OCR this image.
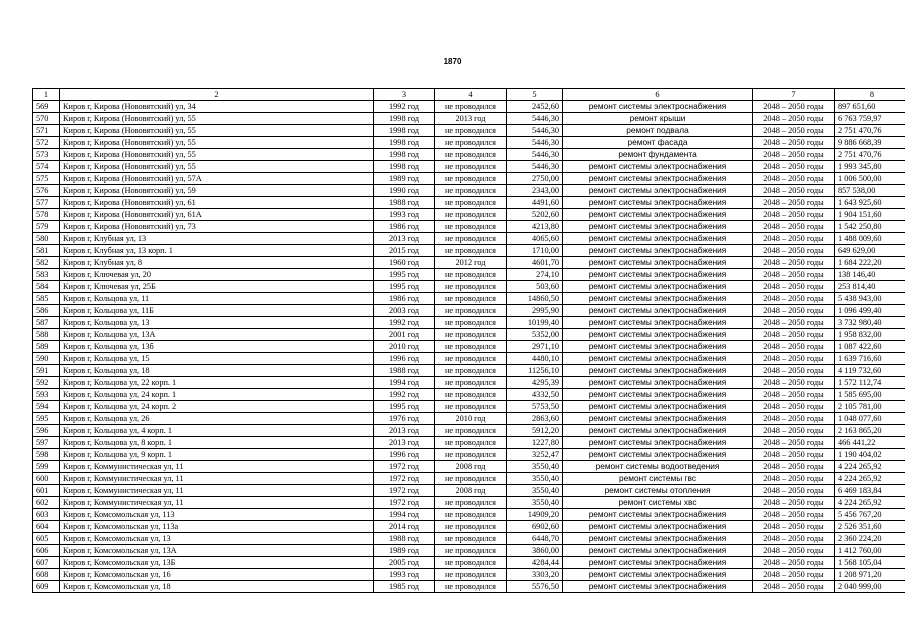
1870
1	2	3	4	5	6	7	8
569	Киров г, Кирова (Нововятский) ул, 34	1992 год	не проводился	2452,60	ремонт системы электроснабжения	2048 – 2050 годы	897 651,60
570	Киров г, Кирова (Нововятский) ул, 55	1998 год	2013 год	5446,30	ремонт крыши	2048 – 2050 годы	6 763 759,97
571	Киров г, Кирова (Нововятский) ул, 55	1998 год	не проводился	5446,30	ремонт подвала	2048 – 2050 годы	2 751 470,76
572	Киров г, Кирова (Нововятский) ул, 55	1998 год	не проводился	5446,30	ремонт фасада	2048 – 2050 годы	9 886 668,39
573	Киров г, Кирова (Нововятский) ул, 55	1998 год	не проводился	5446,30	ремонт фундамента	2048 – 2050 годы	2 751 470,76
574	Киров г, Кирова (Нововятский) ул, 55	1998 год	не проводился	5446,30	ремонт системы электроснабжения	2048 – 2050 годы	1 993 345,80
575	Киров г, Кирова (Нововятский) ул, 57А	1989 год	не проводился	2750,00	ремонт системы электроснабжения	2048 – 2050 годы	1 006 500,00
576	Киров г, Кирова (Нововятский) ул, 59	1990 год	не проводился	2343,00	ремонт системы электроснабжения	2048 – 2050 годы	857 538,00
577	Киров г, Кирова (Нововятский) ул, 61	1988 год	не проводился	4491,60	ремонт системы электроснабжения	2048 – 2050 годы	1 643 925,60
578	Киров г, Кирова (Нововятский) ул, 61А	1993 год	не проводился	5202,60	ремонт системы электроснабжения	2048 – 2050 годы	1 904 151,60
579	Киров г, Кирова (Нововятский) ул, 73	1986 год	не проводился	4213,80	ремонт системы электроснабжения	2048 – 2050 годы	1 542 250,80
580	Киров г, Клубная ул, 13	2013 год	не проводился	4065,60	ремонт системы электроснабжения	2048 – 2050 годы	1 488 009,60
581	Киров г, Клубная ул, 13 корп. 1	2015 год	не проводился	1710,00	ремонт системы электроснабжения	2048 – 2050 годы	649 629,00
582	Киров г, Клубная ул, 8	1960 год	2012 год	4601,70	ремонт системы электроснабжения	2048 – 2050 годы	1 684 222,20
583	Киров г, Ключевая ул, 20	1995 год	не проводился	274,10	ремонт системы электроснабжения	2048 – 2050 годы	138 146,40
584	Киров г, Ключевая ул, 25Б	1995 год	не проводился	503,60	ремонт системы электроснабжения	2048 – 2050 годы	253 814,40
585	Киров г, Кольцова ул, 11	1986 год	не проводился	14860,50	ремонт системы электроснабжения	2048 – 2050 годы	5 438 943,00
586	Киров г, Кольцова ул, 11Б	2003 год	не проводился	2995,90	ремонт системы электроснабжения	2048 – 2050 годы	1 096 499,40
587	Киров г, Кольцова ул, 13	1992 год	не проводился	10199,40	ремонт системы электроснабжения	2048 – 2050 годы	3 732 980,40
588	Киров г, Кольцова ул, 13А	2001 год	не проводился	5352,00	ремонт системы электроснабжения	2048 – 2050 годы	1 958 832,00
589	Киров г, Кольцова ул, 13б	2010 год	не проводился	2971,10	ремонт системы электроснабжения	2048 – 2050 годы	1 087 422,60
590	Киров г, Кольцова ул, 15	1996 год	не проводился	4480,10	ремонт системы электроснабжения	2048 – 2050 годы	1 639 716,60
591	Киров г, Кольцова ул, 18	1988 год	не проводился	11256,10	ремонт системы электроснабжения	2048 – 2050 годы	4 119 732,60
592	Киров г, Кольцова ул, 22 корп. 1	1994 год	не проводился	4295,39	ремонт системы электроснабжения	2048 – 2050 годы	1 572 112,74
593	Киров г, Кольцова ул, 24 корп. 1	1992 год	не проводился	4332,50	ремонт системы электроснабжения	2048 – 2050 годы	1 585 695,00
594	Киров г, Кольцова ул, 24 корп. 2	1995 год	не проводился	5753,50	ремонт системы электроснабжения	2048 – 2050 годы	2 105 781,00
595	Киров г, Кольцова ул, 26	1976 год	2010 год	2863,60	ремонт системы электроснабжения	2048 – 2050 годы	1 048 077,60
596	Киров г, Кольцова ул, 4 корп. 1	2013 год	не проводился	5912,20	ремонт системы электроснабжения	2048 – 2050 годы	2 163 865,20
597	Киров г, Кольцова ул, 8 корп. 1	2013 год	не проводился	1227,80	ремонт системы электроснабжения	2048 – 2050 годы	466 441,22
598	Киров г, Кольцова ул, 9 корп. 1	1996 год	не проводился	3252,47	ремонт системы электроснабжения	2048 – 2050 годы	1 190 404,02
599	Киров г, Коммунистическая ул, 11	1972 год	2008 год	3550,40	ремонт системы водоотведения	2048 – 2050 годы	4 224 265,92
600	Киров г, Коммунистическая ул, 11	1972 год	не проводился	3550,40	ремонт системы гвс	2048 – 2050 годы	4 224 265,92
601	Киров г, Коммунистическая ул, 11	1972 год	2008 год	3550,40	ремонт системы отопления	2048 – 2050 годы	6 469 183,84
602	Киров г, Коммунистическая ул, 11	1972 год	не проводился	3550,40	ремонт системы хвс	2048 – 2050 годы	4 224 265,92
603	Киров г, Комсомольская ул, 113	1994 год	не проводился	14909,20	ремонт системы электроснабжения	2048 – 2050 годы	5 456 767,20
604	Киров г, Комсомольская ул, 113а	2014 год	не проводился	6902,60	ремонт системы электроснабжения	2048 – 2050 годы	2 526 351,60
605	Киров г, Комсомольская ул, 13	1988 год	не проводился	6448,70	ремонт системы электроснабжения	2048 – 2050 годы	2 360 224,20
606	Киров г, Комсомольская ул, 13А	1989 год	не проводился	3860,00	ремонт системы электроснабжения	2048 – 2050 годы	1 412 760,00
607	Киров г, Комсомольская ул, 13Б	2005 год	не проводился	4284,44	ремонт системы электроснабжения	2048 – 2050 годы	1 568 105,04
608	Киров г, Комсомольская ул, 16	1993 год	не проводился	3303,20	ремонт системы электроснабжения	2048 – 2050 годы	1 208 971,20
609	Киров г, Комсомольская ул, 18	1985 год	не проводился	5576,50	ремонт системы электроснабжения	2048 – 2050 годы	2 040 999,00
